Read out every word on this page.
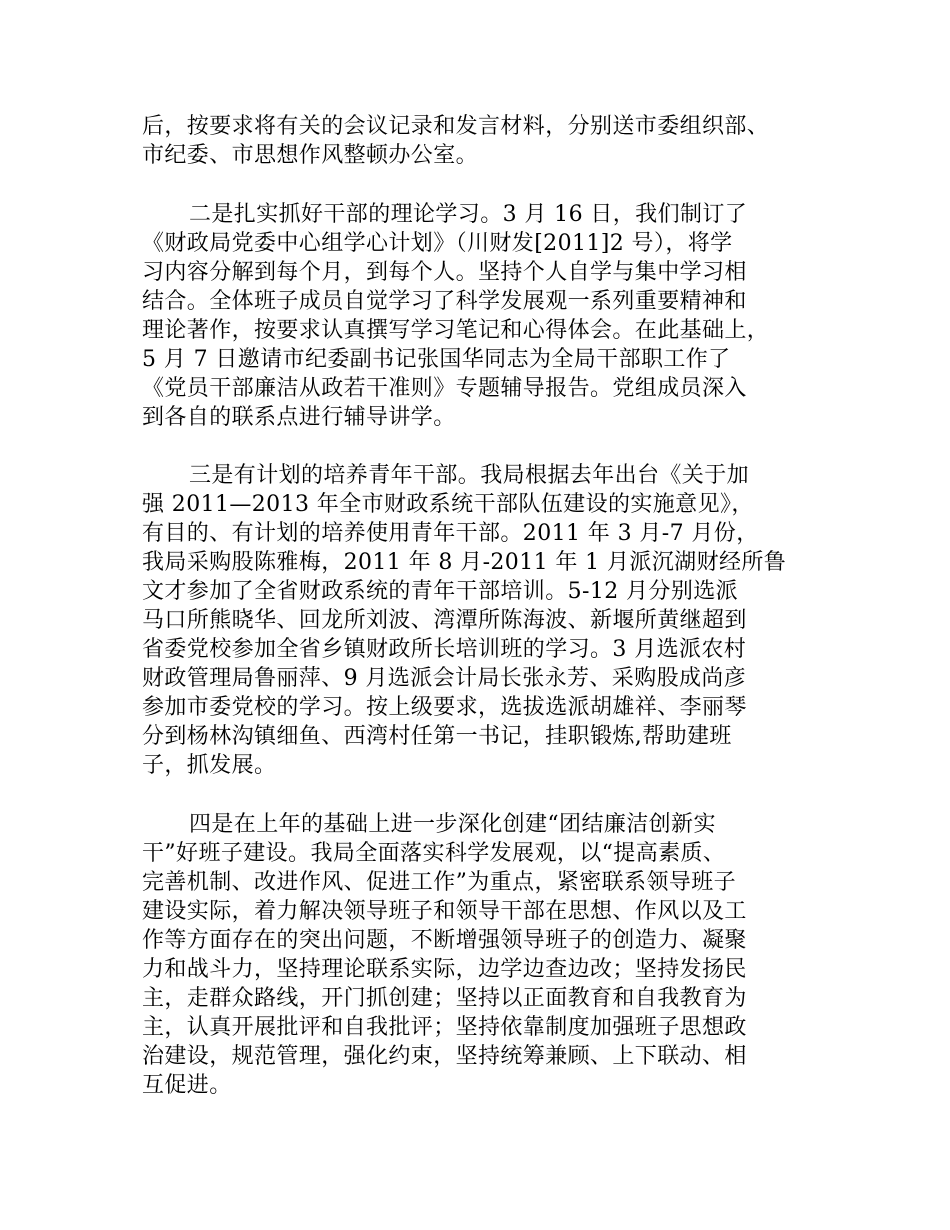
后，按要求将有关的会议记录和发言材料，分别送市委组织部、
市纪委、市思想作风整顿办公室。
二是扎实抓好干部的理论学习。3 月 16 日，我们制订了
《财政局党委中心组学心计划》（川财发[2011]2 号），将学
习内容分解到每个月，到每个人。坚持个人自学与集中学习相
结合。全体班子成员自觉学习了科学发展观一系列重要精神和
理论著作，按要求认真撰写学习笔记和心得体会。在此基础上，
5 月 7 日邀请市纪委副书记张国华同志为全局干部职工作了
《党员干部廉洁从政若干准则》专题辅导报告。党组成员深入
到各自的联系点进行辅导讲学。
三是有计划的培养青年干部。我局根据去年出台《关于加
强 2011—2013 年全市财政系统干部队伍建设的实施意见》，
有目的、有计划的培养使用青年干部。2011 年 3 月-7 月份，
我局采购股陈雅梅，2011 年 8 月-2011 年 1 月派沉湖财经所鲁
文才参加了全省财政系统的青年干部培训。5-12 月分别选派
马口所熊晓华、回龙所刘波、湾潭所陈海波、新堰所黄继超到
省委党校参加全省乡镇财政所长培训班的学习。3 月选派农村
财政管理局鲁丽萍、9 月选派会计局长张永芳、采购股成尚彦
参加市委党校的学习。按上级要求，选拔选派胡雄祥、李丽琴
分到杨林沟镇细鱼、西湾村任第一书记，挂职锻炼,帮助建班
子，抓发展。
四是在上年的基础上进一步深化创建“团结廉洁创新实
干”好班子建设。我局全面落实科学发展观，以“提高素质、
完善机制、改进作风、促进工作”为重点，紧密联系领导班子
建设实际，着力解决领导班子和领导干部在思想、作风以及工
作等方面存在的突出问题，不断增强领导班子的创造力、凝聚
力和战斗力，坚持理论联系实际，边学边查边改；坚持发扬民
主，走群众路线，开门抓创建；坚持以正面教育和自我教育为
主，认真开展批评和自我批评；坚持依靠制度加强班子思想政
治建设，规范管理，强化约束，坚持统筹兼顾、上下联动、相
互促进。
